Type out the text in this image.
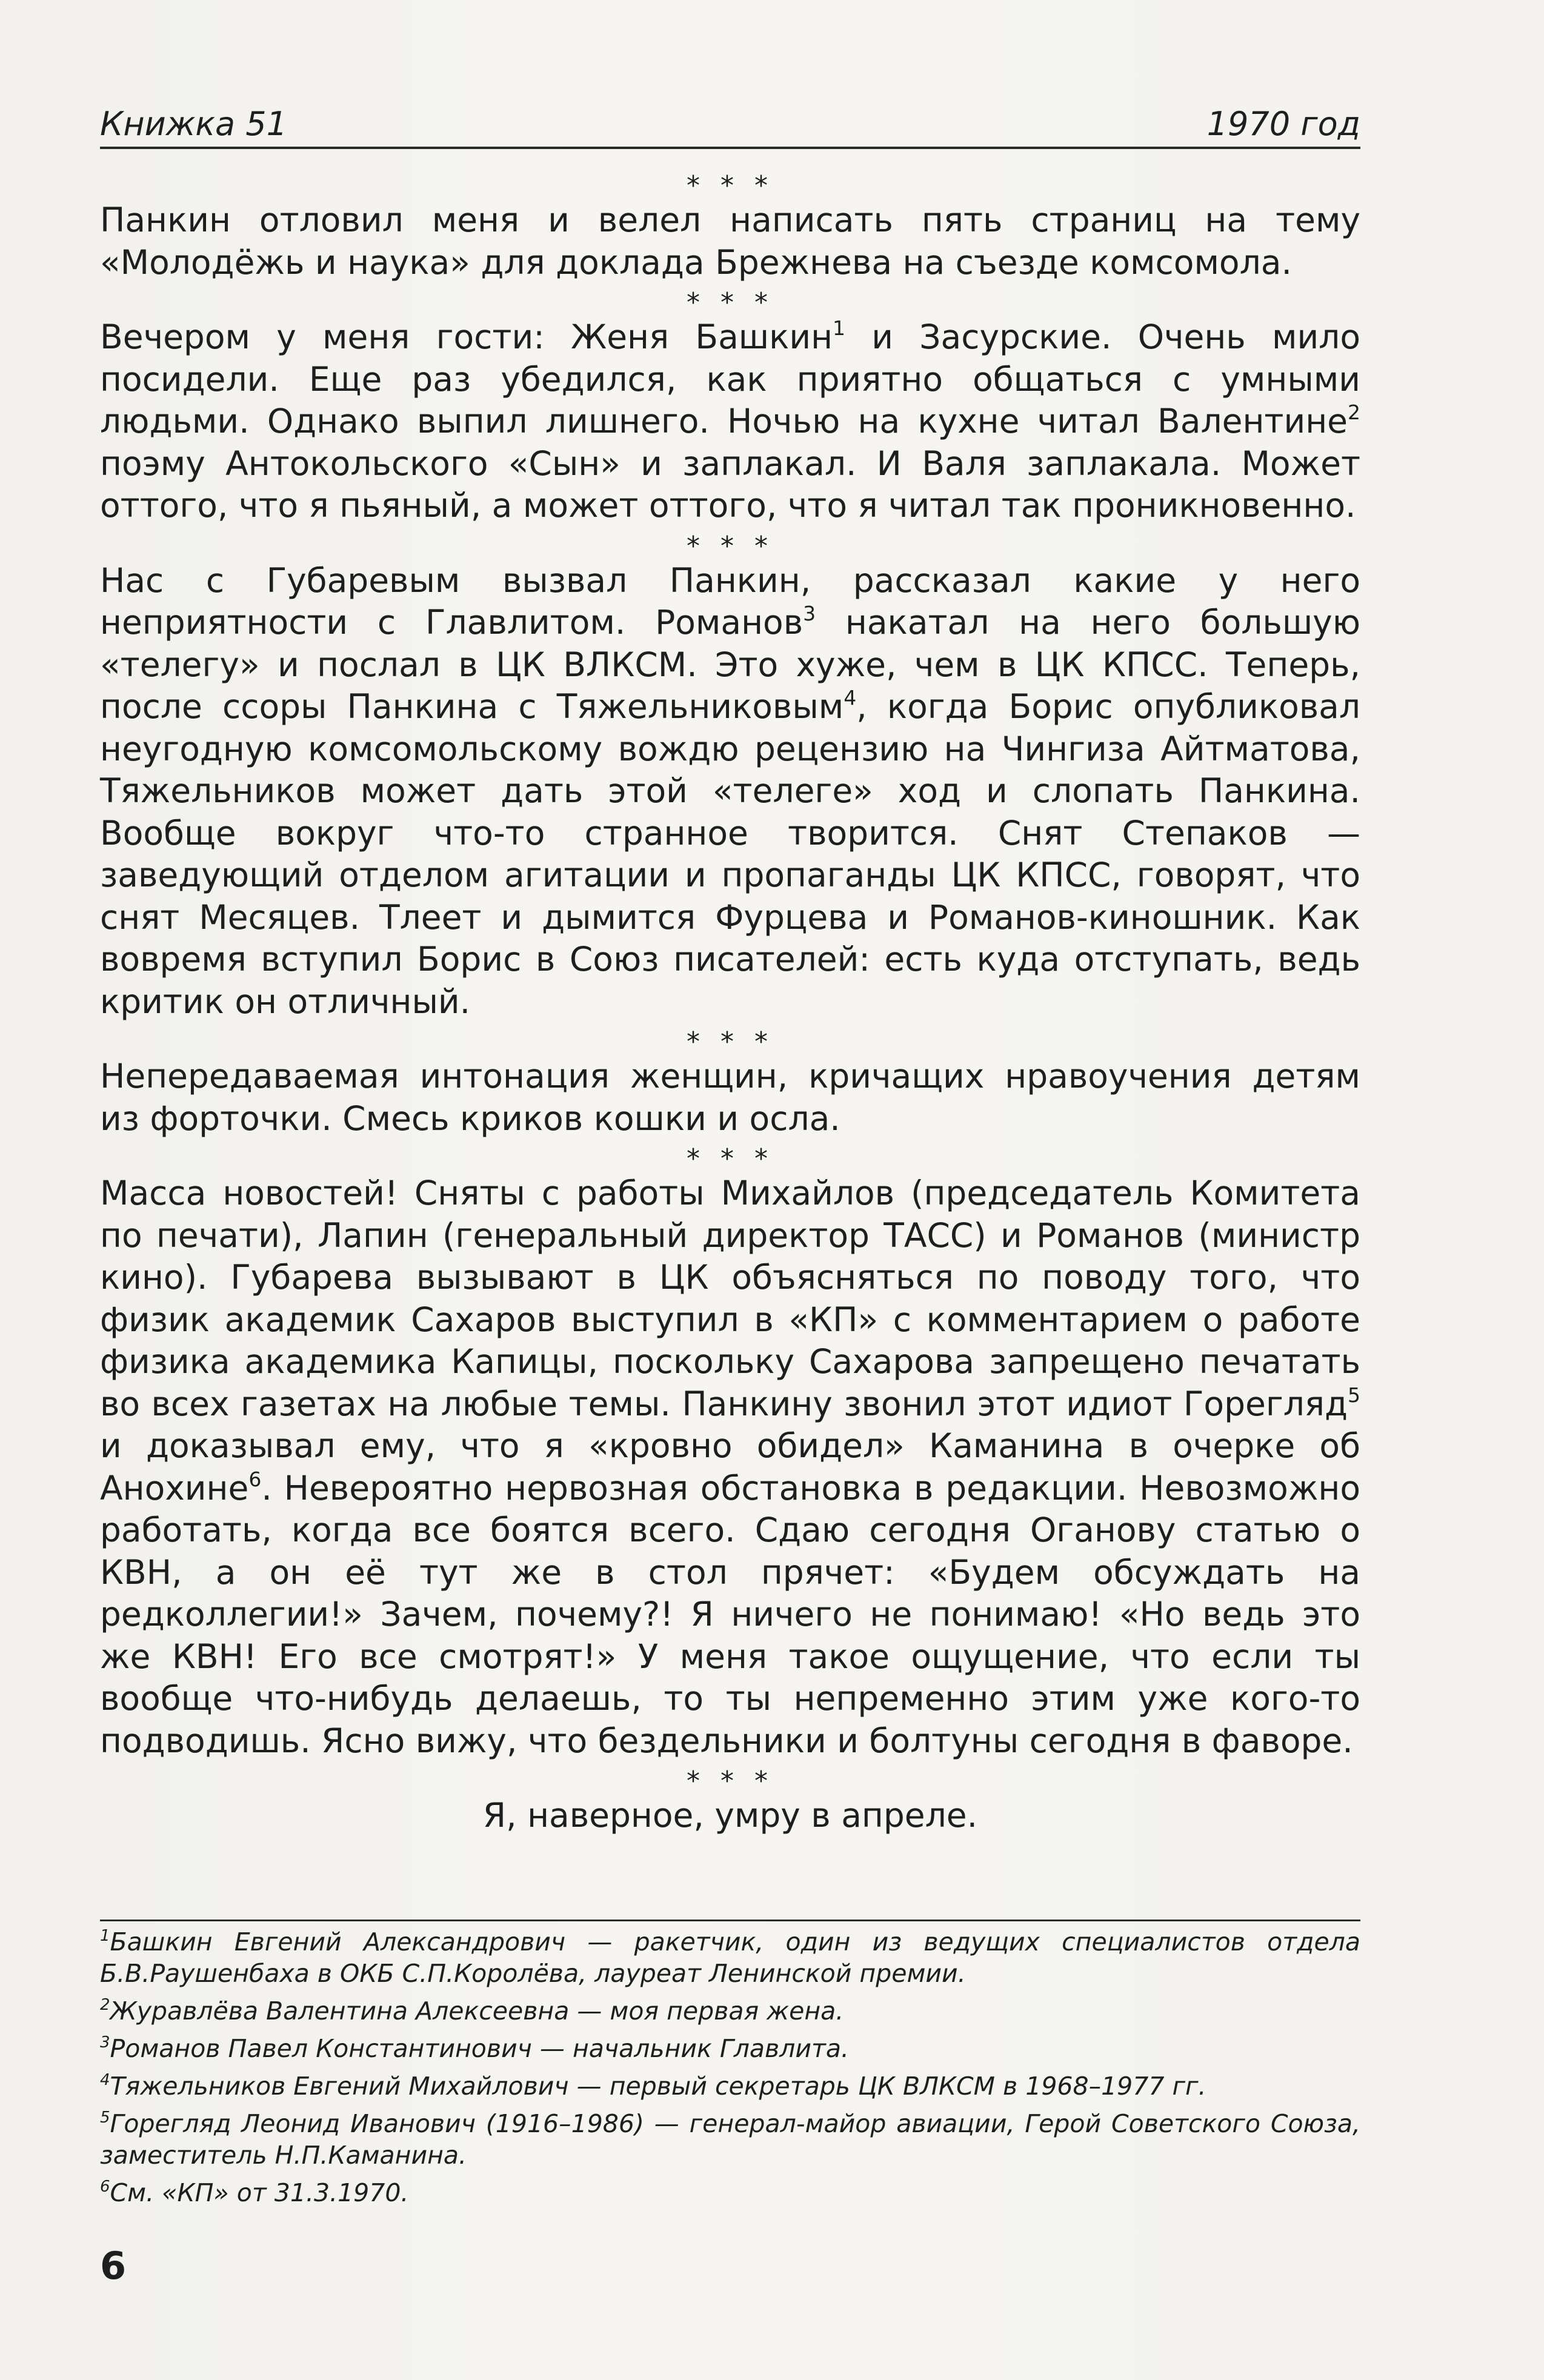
Книжка 51	1970 год
* * *

Панкин отловил меня и велел написать пять страниц на тему «Молодёжь и наука» для доклада Брежнева на съезде комсомола.

* * *

Вечером у меня гости: Женя Башкин$^1$ и Засурские. Очень мило посидели. Еще раз убедился, как приятно общаться с умными людьми. Однако выпил лишнего. Ночью на кухне читал Валентине$^2$ поэму Антокольского «Сын» и заплакал. И Валя заплакала. Может оттого, что я пьяный, а может оттого, что я читал так проникновенно.

* * *

Нас с Губаревым вызвал Панкин, рассказал какие у него неприятности с Главлитом. Романов$^3$ накатал на него большую «телегу» и послал в ЦК ВЛКСМ. Это хуже, чем в ЦК КПСС. Теперь, после ссоры Панкина с Тяжельниковым$^4$, когда Борис опубликовал неугодную комсомольскому вождю рецензию на Чингиза Айтматова, Тяжельников может дать этой «телеге» ход и слопать Панкина. Вообще вокруг что-то странное творится. Снят Степаков — заведующий отделом агитации и пропаганды ЦК КПСС, говорят, что снят Месяцев. Тлеет и дымится Фурцева и Романов-киношник. Как вовремя вступил Борис в Союз писателей: есть куда отступать, ведь критик он отличный.

* * *

Непередаваемая интонация женщин, кричащих нравоучения детям из форточки. Смесь криков кошки и осла.

* * *

Масса новостей! Сняты с работы Михайлов (председатель Комитета по печати), Лапин (генеральный директор ТАСС) и Романов (министр кино). Губарева вызывают в ЦК объясняться по поводу того, что физик академик Сахаров выступил в «КП» с комментарием о работе физика академика Капицы, поскольку Сахарова запрещено печатать во всех газетах на любые темы. Панкину звонил этот идиот Горегляд$^5$ и доказывал ему, что я «кровно обидел» Каманина в очерке об Анохине$^6$. Невероятно нервозная обстановка в редакции. Невозможно работать, когда все боятся всего. Сдаю сегодня Оганову статью о КВН, а он её тут же в стол прячет: «Будем обсуждать на редколлегии!» Зачем, почему?! Я ничего не понимаю! «Но ведь это же КВН! Его все смотрят!» У меня такое ощущение, что если ты вообще что-нибудь делаешь, то ты непременно этим уже кого-то подводишь. Ясно вижу, что бездельники и болтуны сегодня в фаворе.

* * *

Я, наверное, умру в апреле.

$^1$Башкин Евгений Александрович — ракетчик, один из ведущих специалистов отдела Б.В.Раушенбаха в ОКБ С.П.Королёва, лауреат Ленинской премии.

$^2$Журавлёва Валентина Алексеевна — моя первая жена.

$^3$Романов Павел Константинович — начальник Главлита.

$^4$Тяжельников Евгений Михайлович — первый секретарь ЦК ВЛКСМ в 1968–1977 гг.

$^5$Горегляд Леонид Иванович (1916–1986) — генерал-майор авиации, Герой Советского Союза, заместитель Н.П.Каманина.

$^6$См. «КП» от 31.3.1970.

6
